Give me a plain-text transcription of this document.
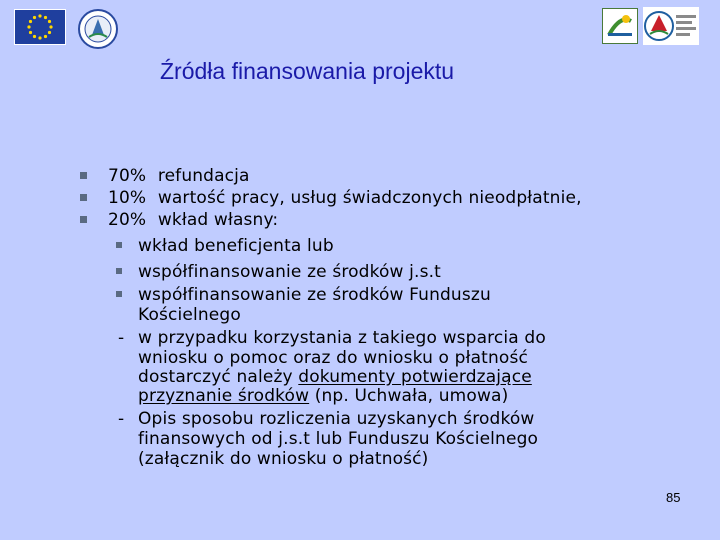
Źródła finansowania projektu
70% refundacja
10% wartość pracy, usług świadczonych nieodpłatnie,
20% wkład własny:
wkład beneficjenta lub
współfinansowanie ze środków j.s.t
współfinansowanie ze środków Funduszu
Kościelnego
- w przypadku korzystania z takiego wsparcia do
wniosku o pomoc oraz do wniosku o płatność
dostarczyć należy dokumenty potwierdzające
przyznanie środków (np. Uchwała, umowa)
- Opis sposobu rozliczenia uzyskanych środków
finansowych od j.s.t lub Funduszu Kościelnego
(załącznik do wniosku o płatność)
85
